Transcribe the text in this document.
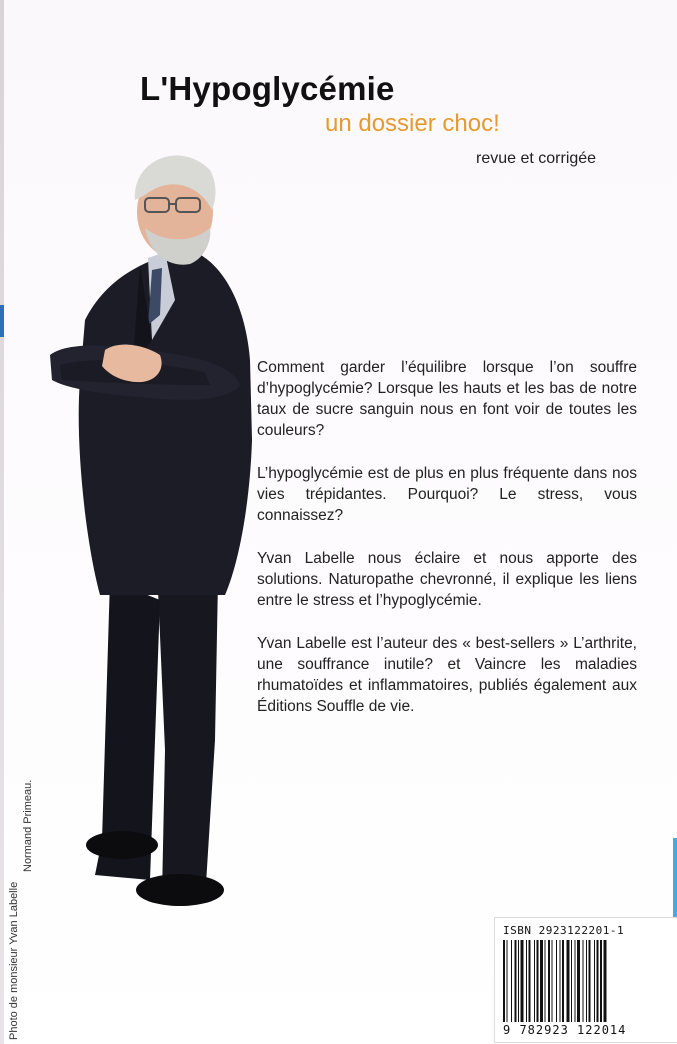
L'Hypoglycémie
un dossier choc!
revue et corrigée

Comment garder l’équilibre lorsque l’on souffre d’hypoglycémie? Lorsque les hauts et les bas de notre taux de sucre sanguin nous en font voir de toutes les couleurs?

L’hypoglycémie est de plus en plus fréquente dans nos vies trépidantes. Pourquoi? Le stress, vous connaissez?

Yvan Labelle nous éclaire et nous apporte des solutions. Naturopathe chevronné, il explique les liens entre le stress et l’hypoglycémie.

Yvan Labelle est l’auteur des « best-sellers » L’arthrite, une souffrance inutile? et Vaincre les maladies rhumatoïdes et inflammatoires, publiés également aux Éditions Souffle de vie.

Photo de monsieur Yvan Labelle
Normand Primeau.
ISBN 2923122201-1
9 782923 122014
